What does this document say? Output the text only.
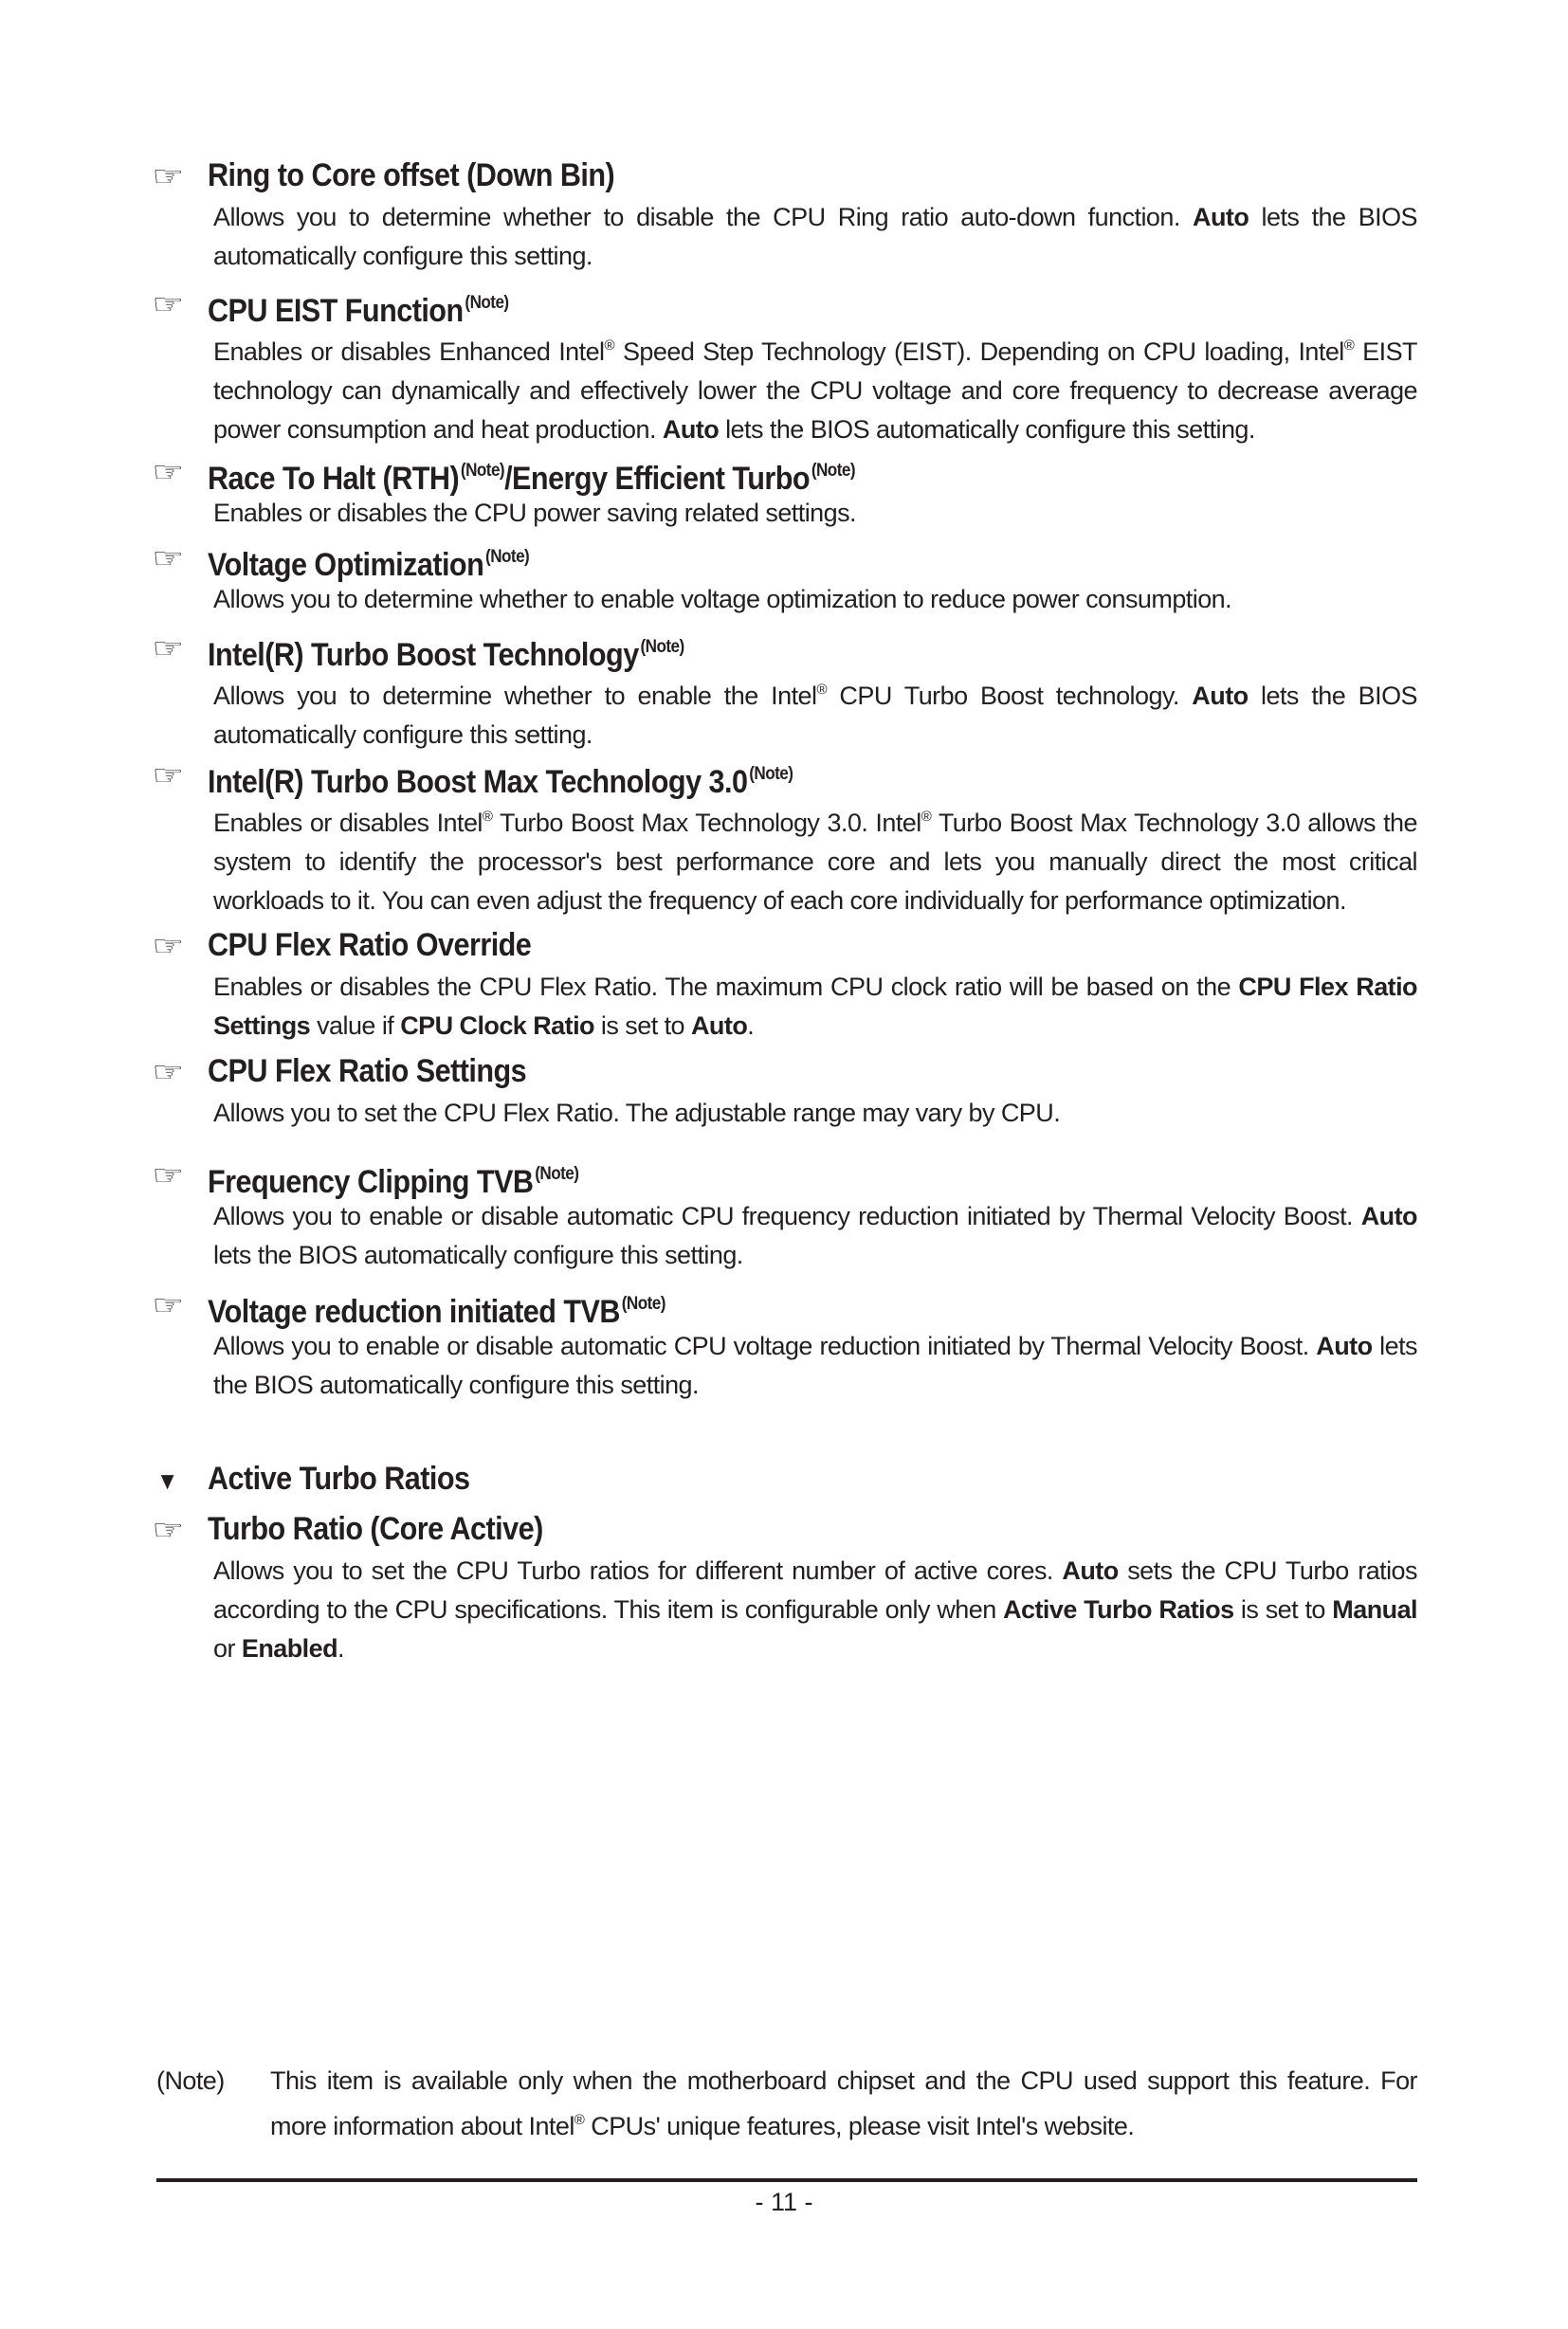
☞ Ring to Core offset (Down Bin)
Allows you to determine whether to disable the CPU Ring ratio auto-down function. Auto lets the BIOS automatically configure this setting.
☞ CPU EIST Function$^{(Note)}$
Enables or disables Enhanced Intel® Speed Step Technology (EIST). Depending on CPU loading, Intel® EIST technology can dynamically and effectively lower the CPU voltage and core frequency to decrease average power consumption and heat production. Auto lets the BIOS automatically configure this setting.
☞ Race To Halt (RTH)$^{(Note)}$/Energy Efficient Turbo$^{(Note)}$
Enables or disables the CPU power saving related settings.
☞ Voltage Optimization$^{(Note)}$
Allows you to determine whether to enable voltage optimization to reduce power consumption.
☞ Intel(R) Turbo Boost Technology$^{(Note)}$
Allows you to determine whether to enable the Intel® CPU Turbo Boost technology. Auto lets the BIOS automatically configure this setting.
☞ Intel(R) Turbo Boost Max Technology 3.0$^{(Note)}$
Enables or disables Intel® Turbo Boost Max Technology 3.0. Intel® Turbo Boost Max Technology 3.0 allows the system to identify the processor's best performance core and lets you manually direct the most critical workloads to it. You can even adjust the frequency of each core individually for performance optimization.
☞ CPU Flex Ratio Override
Enables or disables the CPU Flex Ratio. The maximum CPU clock ratio will be based on the CPU Flex Ratio Settings value if CPU Clock Ratio is set to Auto.
☞ CPU Flex Ratio Settings
Allows you to set the CPU Flex Ratio. The adjustable range may vary by CPU.
☞ Frequency Clipping TVB$^{(Note)}$
Allows you to enable or disable automatic CPU frequency reduction initiated by Thermal Velocity Boost. Auto lets the BIOS automatically configure this setting.
☞ Voltage reduction initiated TVB$^{(Note)}$
Allows you to enable or disable automatic CPU voltage reduction initiated by Thermal Velocity Boost. Auto lets the BIOS automatically configure this setting.
▼ Active Turbo Ratios
☞ Turbo Ratio (Core Active)
Allows you to set the CPU Turbo ratios for different number of active cores. Auto sets the CPU Turbo ratios according to the CPU specifications. This item is configurable only when Active Turbo Ratios is set to Manual or Enabled.
(Note) This item is available only when the motherboard chipset and the CPU used support this feature. For more information about Intel® CPUs' unique features, please visit Intel's website.
- 11 -
